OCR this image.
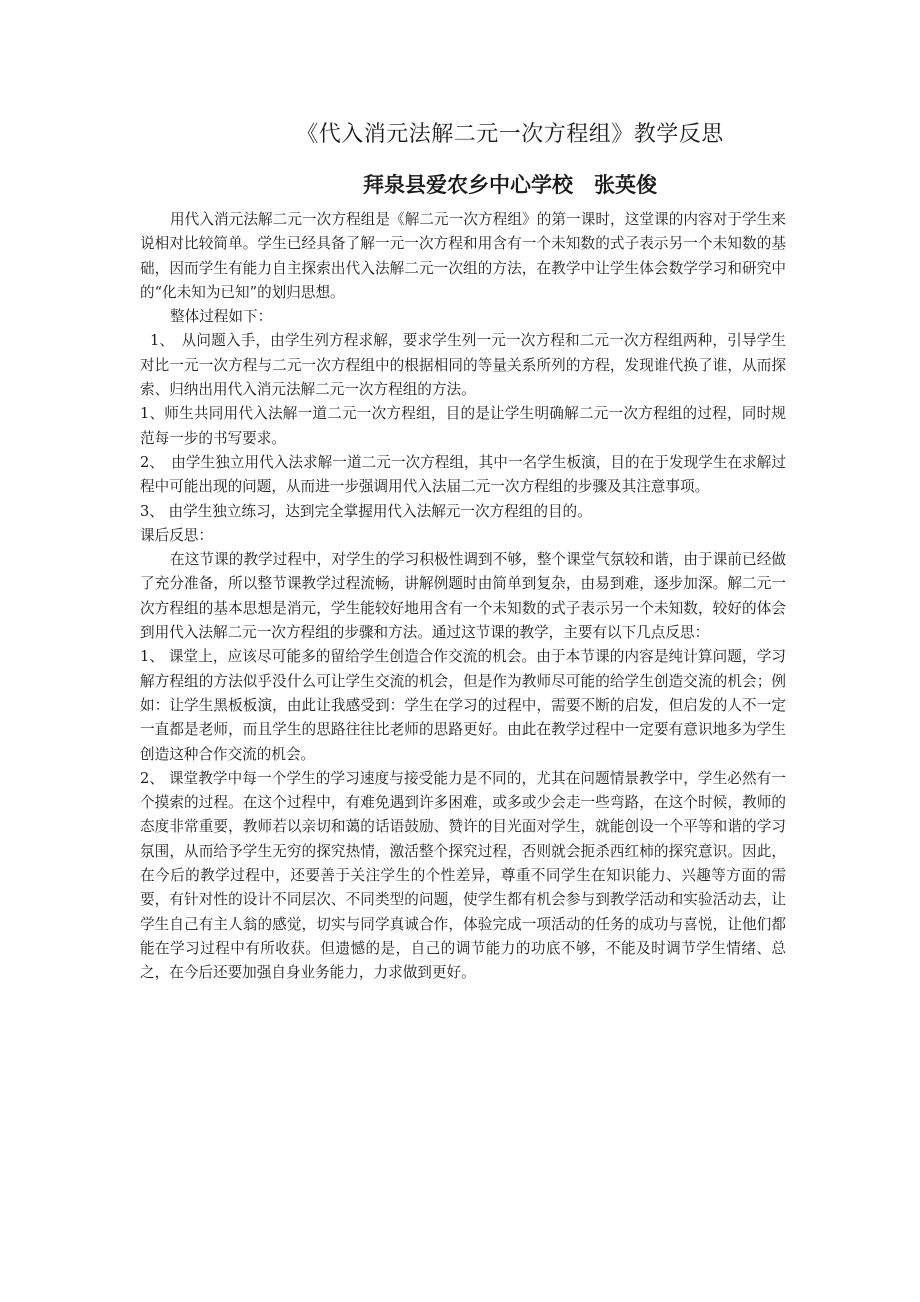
《代入消元法解二元一次方程组》教学反思
拜泉县爱农乡中心学校　张英俊

用代入消元法解二元一次方程组是《解二元一次方程组》的第一课时，这堂课的内容对于学生来说相对比较简单。学生已经具备了解一元一次方程和用含有一个未知数的式子表示另一个未知数的基础，因而学生有能力自主探索出代入法解二元一次组的方法，在教学中让学生体会数学学习和研究中的“化未知为已知”的划归思想。

整体过程如下：

1、　从问题入手，由学生列方程求解，要求学生列一元一次方程和二元一次方程组两种，引导学生对比一元一次方程与二元一次方程组中的根据相同的等量关系所列的方程，发现谁代换了谁，从而探索、归纳出用代入消元法解二元一次方程组的方法。

1、师生共同用代入法解一道二元一次方程组，目的是让学生明确解二元一次方程组的过程，同时规范每一步的书写要求。

2、　由学生独立用代入法求解一道二元一次方程组，其中一名学生板演，目的在于发现学生在求解过程中可能出现的问题，从而进一步强调用代入法届二元一次方程组的步骤及其注意事项。

3、 由学生独立练习，达到完全掌握用代入法解元一次方程组的目的。

课后反思：

在这节课的教学过程中，对学生的学习积极性调到不够，整个课堂气氛较和谐，由于课前已经做了充分准备，所以整节课教学过程流畅，讲解例题时由简单到复杂，由易到难，逐步加深。解二元一次方程组的基本思想是消元，学生能较好地用含有一个未知数的式子表示另一个未知数，较好的体会到用代入法解二元一次方程组的步骤和方法。通过这节课的教学，主要有以下几点反思：

1、 课堂上，应该尽可能多的留给学生创造合作交流的机会。由于本节课的内容是纯计算问题，学习解方程组的方法似乎没什么可让学生交流的机会，但是作为教师尽可能的给学生创造交流的机会；例如：让学生黑板板演，由此让我感受到：学生在学习的过程中，需要不断的启发，但启发的人不一定一直都是老师，而且学生的思路往往比老师的思路更好。由此在教学过程中一定要有意识地多为学生创造这种合作交流的机会。

2、 课堂教学中每一个学生的学习速度与接受能力是不同的，尤其在问题情景教学中，学生必然有一个摸索的过程。在这个过程中，有难免遇到许多困难，或多或少会走一些弯路，在这个时候，教师的态度非常重要，教师若以亲切和蔼的话语鼓励、赞许的目光面对学生，就能创设一个平等和谐的学习氛围，从而给予学生无穷的探究热情，激活整个探究过程，否则就会扼杀西红柿的探究意识。因此，在今后的教学过程中，还要善于关注学生的个性差异，尊重不同学生在知识能力、兴趣等方面的需要，有针对性的设计不同层次、不同类型的问题，使学生都有机会参与到教学活动和实验活动去，让学生自己有主人翁的感觉，切实与同学真诚合作，体验完成一项活动的任务的成功与喜悦，让他们都能在学习过程中有所收获。但遗憾的是，自己的调节能力的功底不够，不能及时调节学生情绪、总之，在今后还要加强自身业务能力，力求做到更好。
